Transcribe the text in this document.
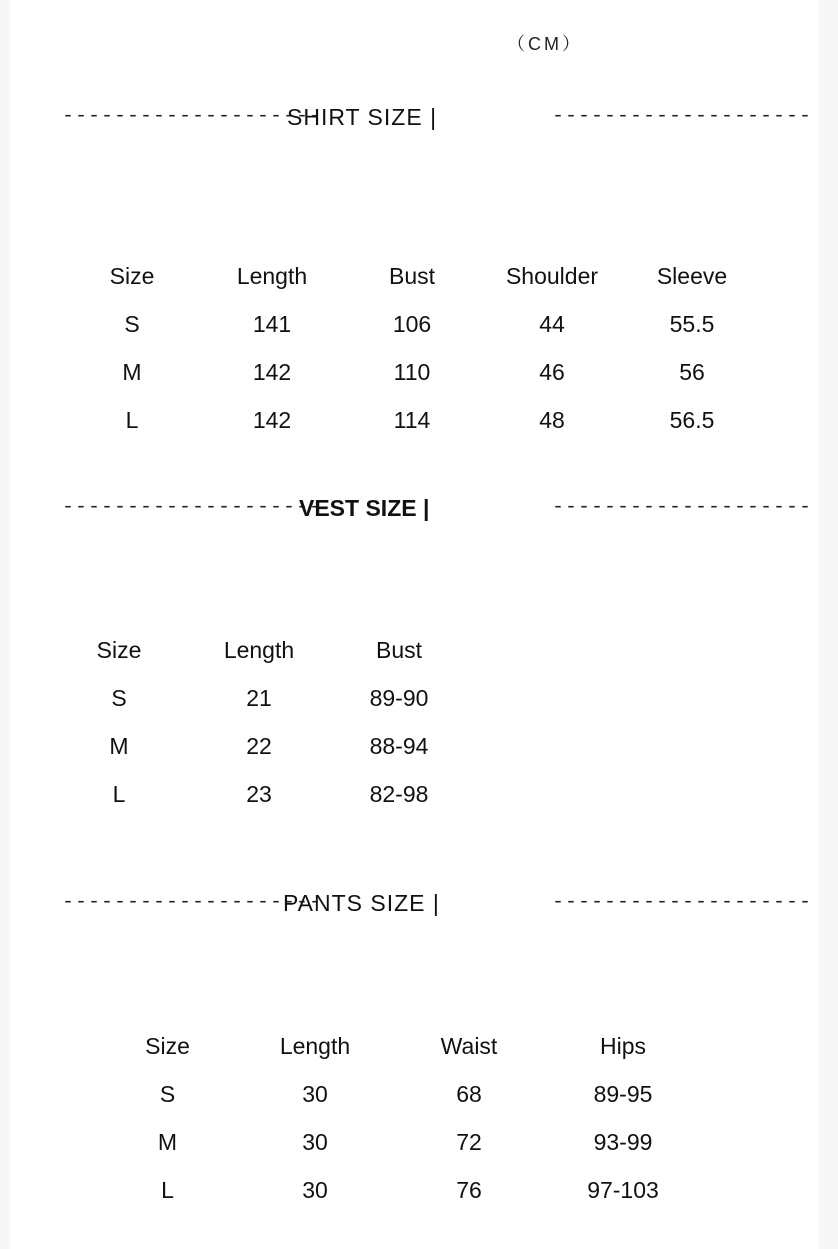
（CM）
--------------------
SHIRT SIZE |	--------------------
Size	Length	Bust	Shoulder	Sleeve
S	141	106	44	55.5
M	142	110	46	56
L	142	114	48	56.5
--------------------
VEST SIZE |	--------------------
Size	Length	Bust
S	21	89-90
M	22	88-94
L	23	82-98
--------------------
PANTS SIZE |	--------------------
Size	Length	Waist	Hips
S	30	68	89-95
M	30	72	93-99
L	30	76	97-103
